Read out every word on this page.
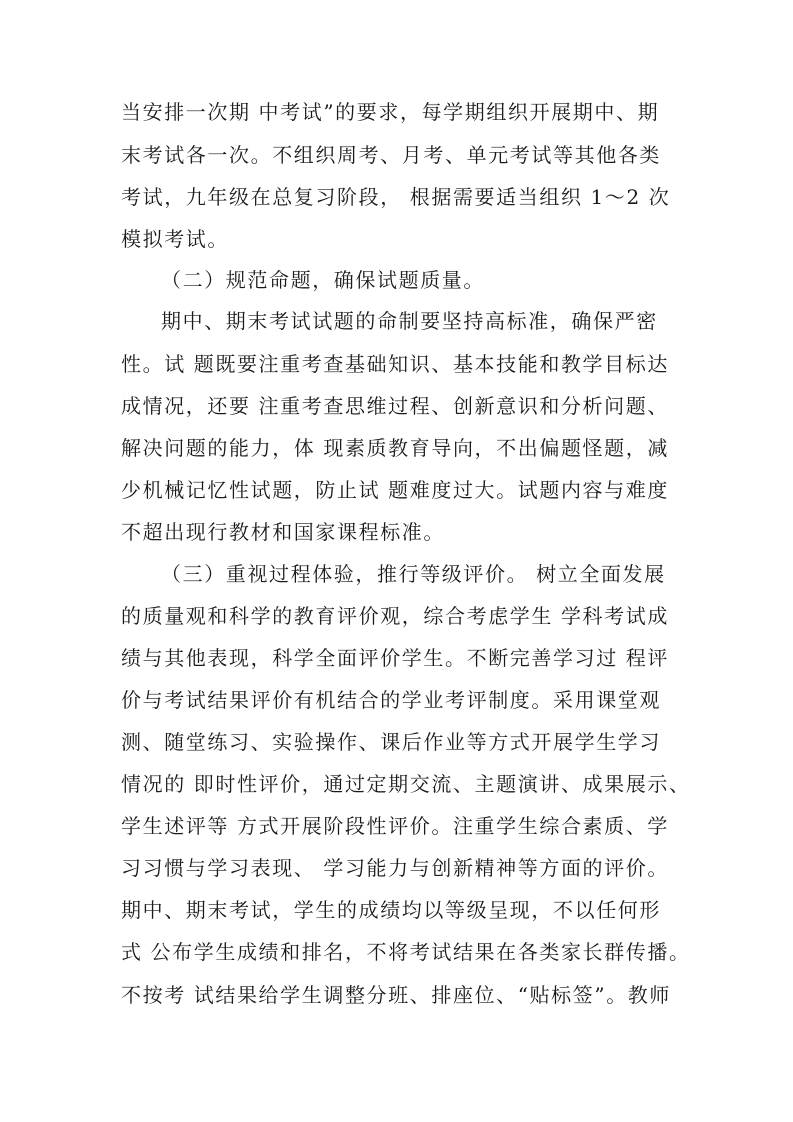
当安排一次期 中考试”的要求，每学期组织开展期中、期
末考试各一次。不组织周考、月考、单元考试等其他各类
考试，九年级在总复习阶段， 根据需要适当组织 1～2 次
模拟考试。
（二）规范命题，确保试题质量。
期中、期末考试试题的命制要坚持高标准，确保严密
性。试 题既要注重考查基础知识、基本技能和教学目标达
成情况，还要 注重考查思维过程、创新意识和分析问题、
解决问题的能力，体 现素质教育导向，不出偏题怪题，减
少机械记忆性试题，防止试 题难度过大。试题内容与难度
不超出现行教材和国家课程标准。
（三）重视过程体验，推行等级评价。 树立全面发展
的质量观和科学的教育评价观，综合考虑学生 学科考试成
绩与其他表现，科学全面评价学生。不断完善学习过 程评
价与考试结果评价有机结合的学业考评制度。采用课堂观
测、随堂练习、实验操作、课后作业等方式开展学生学习
情况的 即时性评价，通过定期交流、主题演讲、成果展示、
学生述评等 方式开展阶段性评价。注重学生综合素质、学
习习惯与学习表现、 学习能力与创新精神等方面的评价。
期中、期末考试，学生的成绩均以等级呈现，不以任何形
式 公布学生成绩和排名，不将考试结果在各类家长群传播。
不按考 试结果给学生调整分班、排座位、“贴标签”。教师
